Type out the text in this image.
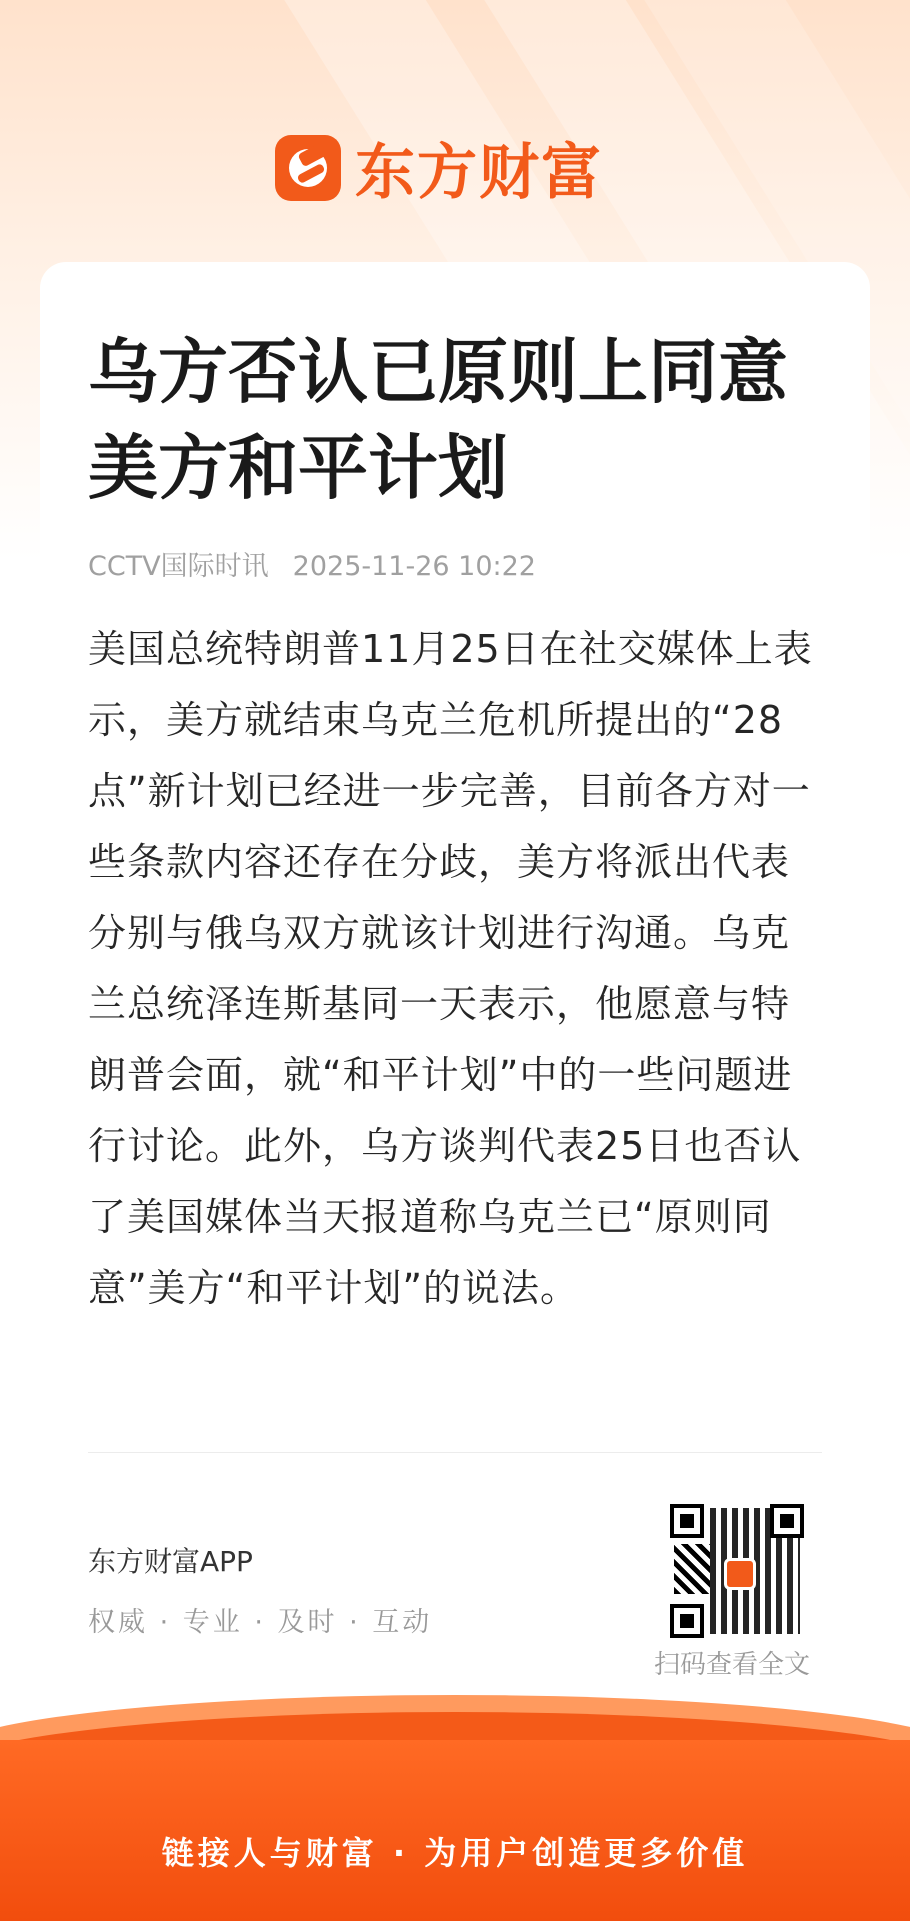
东方财富
乌方否认已原则上同意美方和平计划
CCTV国际时讯 2025-11-26 10:22

美国总统特朗普11月25日在社交媒体上表示，美方就结束乌克兰危机所提出的“28点”新计划已经进一步完善，目前各方对一些条款内容还存在分歧，美方将派出代表分别与俄乌双方就该计划进行沟通。乌克兰总统泽连斯基同一天表示，他愿意与特朗普会面，就“和平计划”中的一些问题进行讨论。此外，乌方谈判代表25日也否认了美国媒体当天报道称乌克兰已“原则同意”美方“和平计划”的说法。

东方财富APP
权威 · 专业 · 及时 · 互动
扫码查看全文
链接人与财富 · 为用户创造更多价值
